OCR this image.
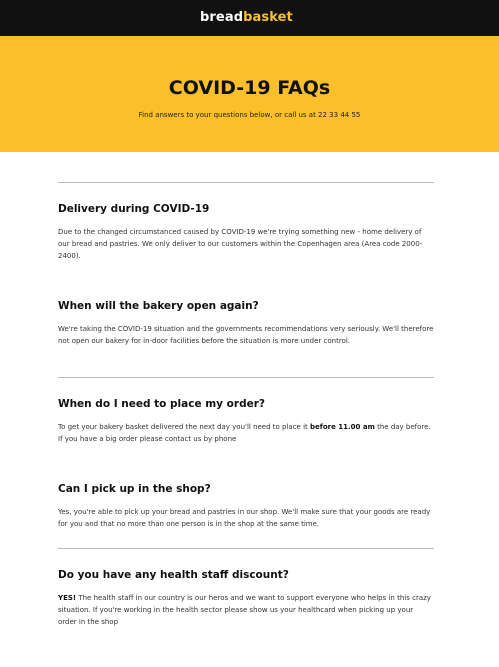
breadbasket
COVID-19 FAQs

Find answers to your questions below, or call us at 22 33 44 55

Delivery during COVID-19

Due to the changed circumstanced caused by COVID-19 we're trying something new - home delivery of our bread and pastries. We only deliver to our customers within the Copenhagen area (Area code 2000-2400).

When will the bakery open again?

We're taking the COVID-19 situation and the governments recommendations very seriously. We'll therefore not open our bakery for in-door facilities before the situation is more under control.

When do I need to place my order?

To get your bakery basket delivered the next day you'll need to place it before 11.00 am the day before. If you have a big order please contact us by phone

Can I pick up in the shop?

Yes, you're able to pick up your bread and pastries in our shop. We'll make sure that your goods are ready for you and that no more than one person is in the shop at the same time.

Do you have any health staff discount?

YES! The health staff in our country is our heros and we want to support everyone who helps in this crazy situation. If you're working in the health sector please show us your healthcard when picking up your order in the shop
